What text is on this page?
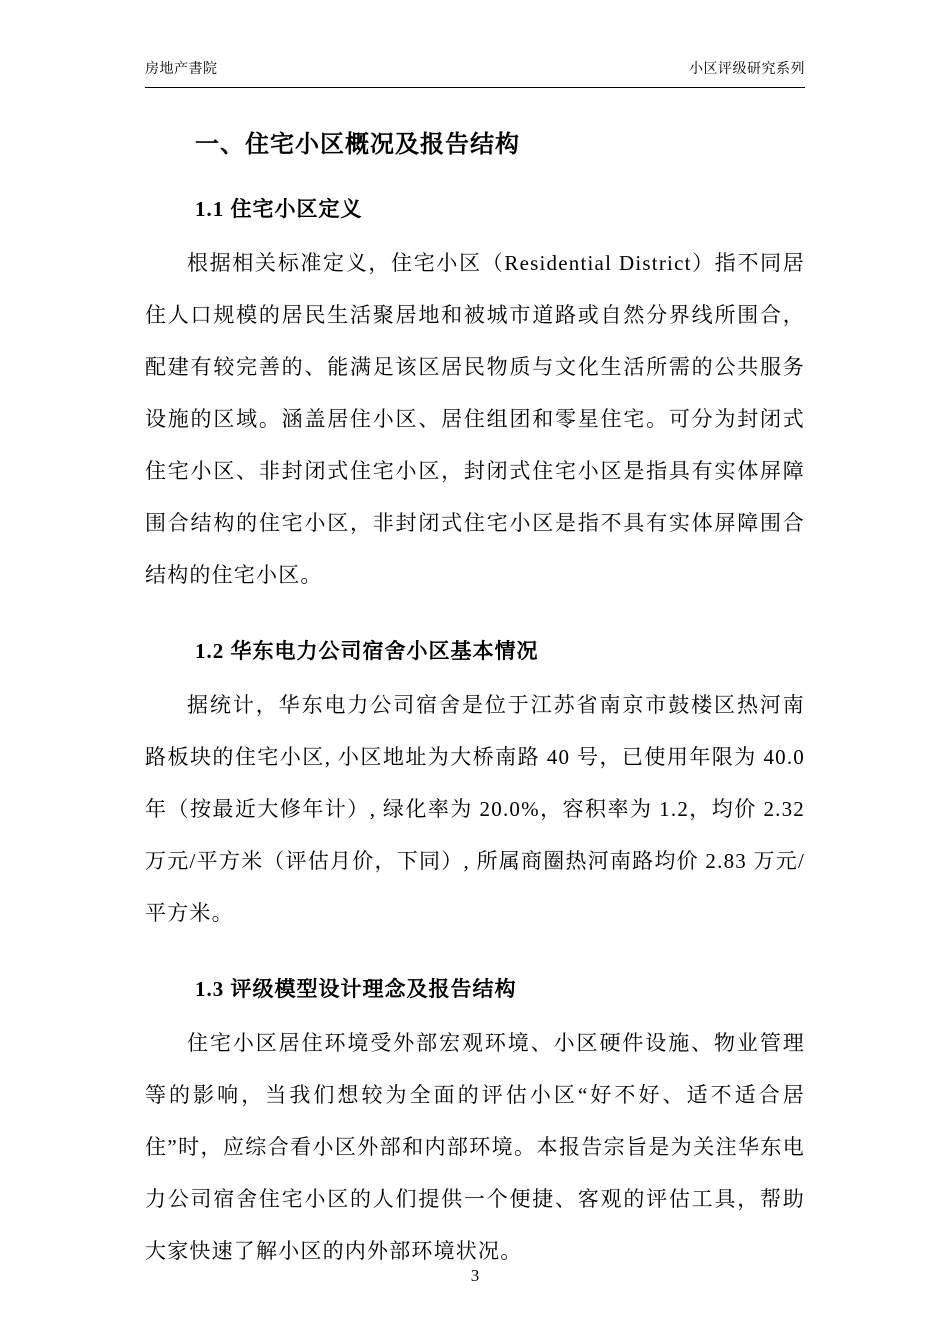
房地产書院	小区评级研究系列
一、住宅小区概况及报告结构
1.1 住宅小区定义

根据相关标准定义，住宅小区（Residential District）指不同居住人口规模的居民生活聚居地和被城市道路或自然分界线所围合，配建有较完善的、能满足该区居民物质与文化生活所需的公共服务设施的区域。涵盖居住小区、居住组团和零星住宅。可分为封闭式住宅小区、非封闭式住宅小区，封闭式住宅小区是指具有实体屏障围合结构的住宅小区，非封闭式住宅小区是指不具有实体屏障围合结构的住宅小区。

1.2 华东电力公司宿舍小区基本情况

据统计，华东电力公司宿舍是位于江苏省南京市鼓楼区热河南路板块的住宅小区, 小区地址为大桥南路 40 号，已使用年限为 40.0 年（按最近大修年计）, 绿化率为 20.0%，容积率为 1.2，均价 2.32 万元/平方米（评估月价，下同）, 所属商圈热河南路均价 2.83 万元/平方米。

1.3 评级模型设计理念及报告结构

住宅小区居住环境受外部宏观环境、小区硬件设施、物业管理等的影响，当我们想较为全面的评估小区“好不好、适不适合居住”时，应综合看小区外部和内部环境。本报告宗旨是为关注华东电力公司宿舍住宅小区的人们提供一个便捷、客观的评估工具，帮助大家快速了解小区的内外部环境状况。

3
